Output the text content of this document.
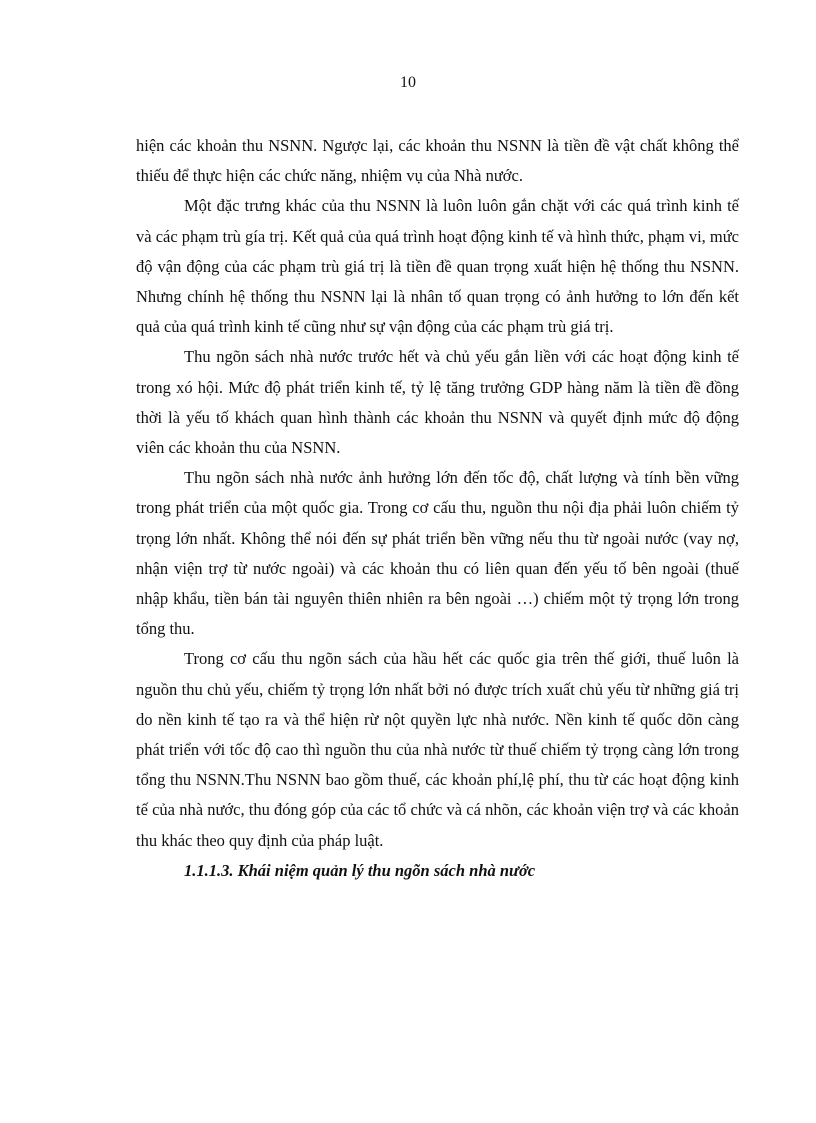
10

hiện các khoản thu NSNN. Ngược lại, các khoản thu NSNN là tiền đề vật chất không thể thiếu để thực hiện các chức năng, nhiệm vụ của Nhà nước.

Một đặc trưng khác của thu NSNN là luôn luôn gắn chặt với các quá trình kinh tế và các phạm trù gía trị. Kết quả của quá trình hoạt động kinh tế và hình thức, phạm vi, mức độ vận động của các phạm trù giá trị là tiền đề quan trọng xuất hiện hệ thống thu NSNN. Nhưng chính hệ thống thu NSNN lại là nhân tố quan trọng có ảnh hưởng to lớn đến kết quả của quá trình kinh tế cũng như sự vận động của các phạm trù giá trị.

Thu ngõn sách nhà nước trước hết và chủ yếu gắn liền với các hoạt động kinh tế trong xó hội. Mức độ phát triển kinh tế, tỷ lệ tăng trưởng GDP hàng năm là tiền đề đồng thời là yếu tố khách quan hình thành các khoản thu NSNN và quyết định mức độ động viên các khoản thu của NSNN.

Thu ngõn sách nhà nước ảnh hưởng lớn đến tốc độ, chất lượng và tính bền vững trong phát triển của một quốc gia. Trong cơ cấu thu, nguồn thu nội địa phải luôn chiếm tỷ trọng lớn nhất. Không thể nói đến sự phát triển bền vững nếu thu từ ngoài nước (vay nợ, nhận viện trợ từ nước ngoài) và các khoản thu có liên quan đến yếu tố bên ngoài (thuế nhập khẩu, tiền bán tài nguyên thiên nhiên ra bên ngoài …) chiếm một tỷ trọng lớn trong tổng thu.

Trong cơ cấu thu ngõn sách của hầu hết các quốc gia trên thế giới, thuế luôn là nguồn thu chủ yếu, chiếm tỷ trọng lớn nhất bởi nó được trích xuất chủ yếu từ những giá trị do nền kinh tế tạo ra và thể hiện rừ nột quyền lực nhà nước. Nền kinh tế quốc dõn càng phát triển với tốc độ cao thì nguồn thu của nhà nước từ thuế chiếm tỷ trọng càng lớn trong tổng thu NSNN.Thu NSNN bao gồm thuế, các khoản phí,lệ phí, thu từ các hoạt động kinh tế của nhà nước, thu đóng góp của các tổ chức và cá nhõn, các khoản viện trợ và các khoản thu khác theo quy định của pháp luật.

1.1.1.3. Khái niệm quản lý thu ngõn sách nhà nước
